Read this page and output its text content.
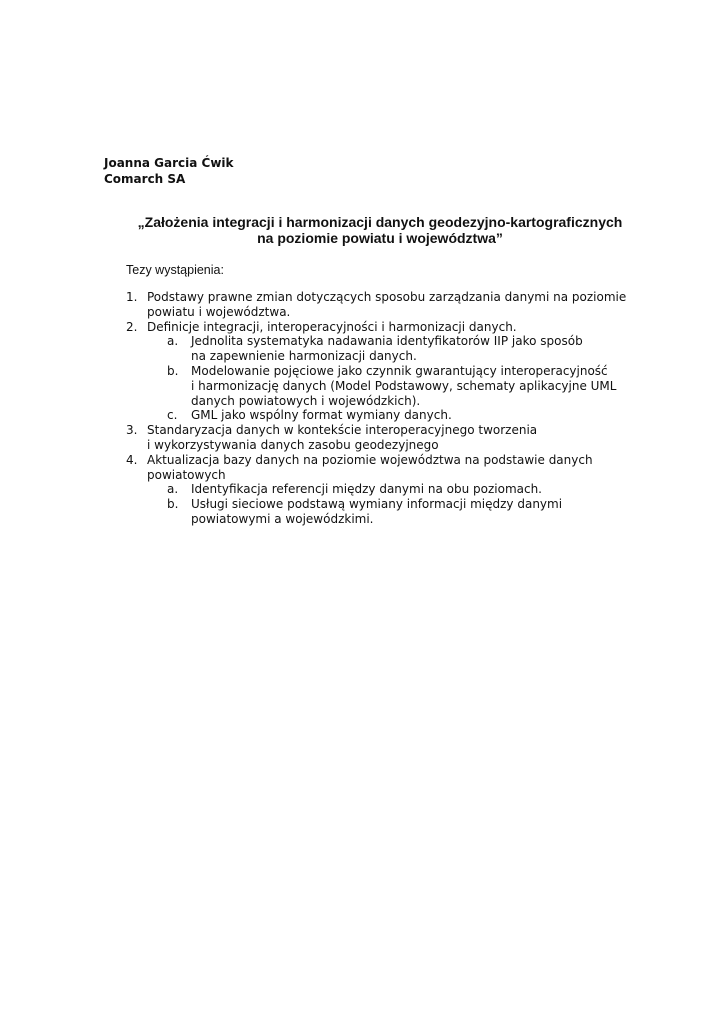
Joanna Garcia Ćwik
Comarch SA
„Założenia integracji i harmonizacji danych geodezyjno-kartograficznych
na poziomie powiatu i województwa”
Tezy wystąpienia:
1. Podstawy prawne zmian dotyczących sposobu zarządzania danymi na poziomie
powiatu i województwa.
2. Definicje integracji, interoperacyjności i harmonizacji danych.
a. Jednolita systematyka nadawania identyfikatorów IIP jako sposób
na zapewnienie harmonizacji danych.
b. Modelowanie pojęciowe jako czynnik gwarantujący interoperacyjność
i harmonizację danych (Model Podstawowy, schematy aplikacyjne UML
danych powiatowych i wojewódzkich).
c. GML jako wspólny format wymiany danych.
3. Standaryzacja danych w kontekście interoperacyjnego tworzenia
i wykorzystywania danych zasobu geodezyjnego
4. Aktualizacja bazy danych na poziomie województwa na podstawie danych
powiatowych
a. Identyfikacja referencji między danymi na obu poziomach.
b. Usługi sieciowe podstawą wymiany informacji między danymi
powiatowymi a wojewódzkimi.
